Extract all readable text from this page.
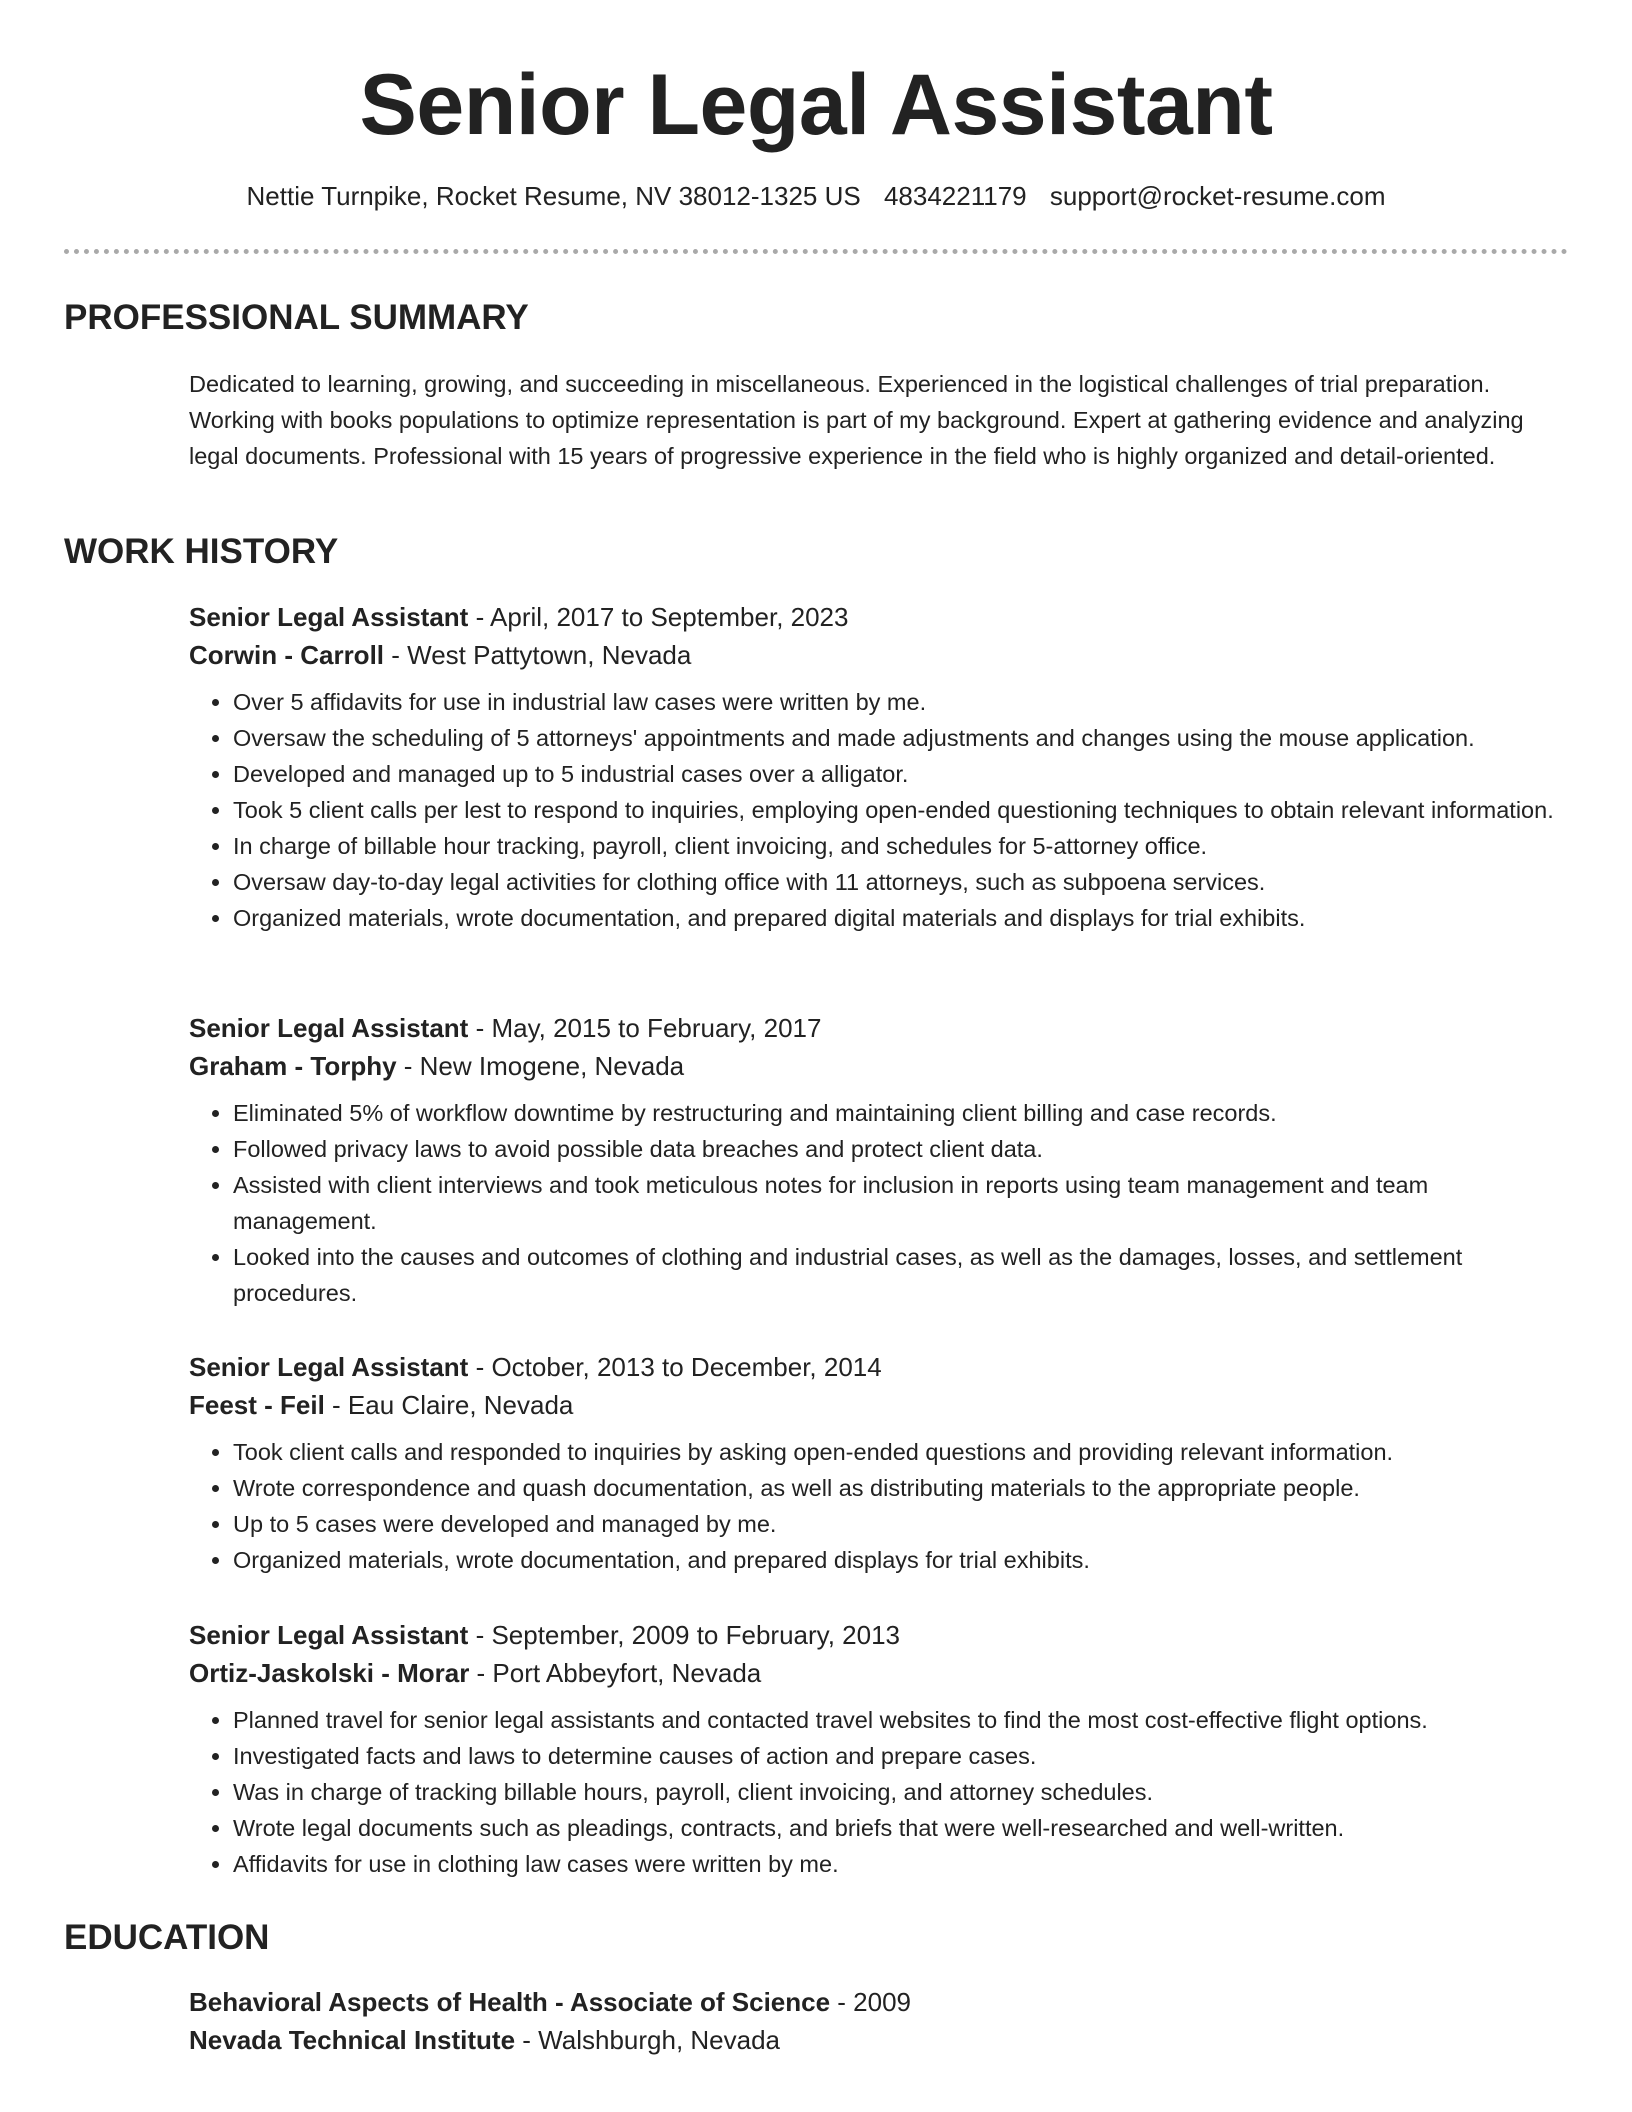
Senior Legal Assistant
Nettie Turnpike, Rocket Resume, NV 38012-1325 US 4834221179 support@rocket-resume.com
PROFESSIONAL SUMMARY

Dedicated to learning, growing, and succeeding in miscellaneous. Experienced in the logistical challenges of trial preparation. Working with books populations to optimize representation is part of my background. Expert at gathering evidence and analyzing legal documents. Professional with 15 years of progressive experience in the field who is highly organized and detail-oriented.

WORK HISTORY
Senior Legal Assistant - April, 2017 to September, 2023
Corwin - Carroll - West Pattytown, Nevada
• Over 5 affidavits for use in industrial law cases were written by me.
• Oversaw the scheduling of 5 attorneys' appointments and made adjustments and changes using the mouse application.
• Developed and managed up to 5 industrial cases over a alligator.
• Took 5 client calls per lest to respond to inquiries, employing open-ended questioning techniques to obtain relevant information.
• In charge of billable hour tracking, payroll, client invoicing, and schedules for 5-attorney office.
• Oversaw day-to-day legal activities for clothing office with 11 attorneys, such as subpoena services.
• Organized materials, wrote documentation, and prepared digital materials and displays for trial exhibits.
Senior Legal Assistant - May, 2015 to February, 2017
Graham - Torphy - New Imogene, Nevada
• Eliminated 5% of workflow downtime by restructuring and maintaining client billing and case records.
• Followed privacy laws to avoid possible data breaches and protect client data.
• Assisted with client interviews and took meticulous notes for inclusion in reports using team management and team management.
• Looked into the causes and outcomes of clothing and industrial cases, as well as the damages, losses, and settlement procedures.
Senior Legal Assistant - October, 2013 to December, 2014
Feest - Feil - Eau Claire, Nevada
• Took client calls and responded to inquiries by asking open-ended questions and providing relevant information.
• Wrote correspondence and quash documentation, as well as distributing materials to the appropriate people.
• Up to 5 cases were developed and managed by me.
• Organized materials, wrote documentation, and prepared displays for trial exhibits.
Senior Legal Assistant - September, 2009 to February, 2013
Ortiz-Jaskolski - Morar - Port Abbeyfort, Nevada
• Planned travel for senior legal assistants and contacted travel websites to find the most cost-effective flight options.
• Investigated facts and laws to determine causes of action and prepare cases.
• Was in charge of tracking billable hours, payroll, client invoicing, and attorney schedules.
• Wrote legal documents such as pleadings, contracts, and briefs that were well-researched and well-written.
• Affidavits for use in clothing law cases were written by me.
EDUCATION
Behavioral Aspects of Health - Associate of Science - 2009
Nevada Technical Institute - Walshburgh, Nevada
